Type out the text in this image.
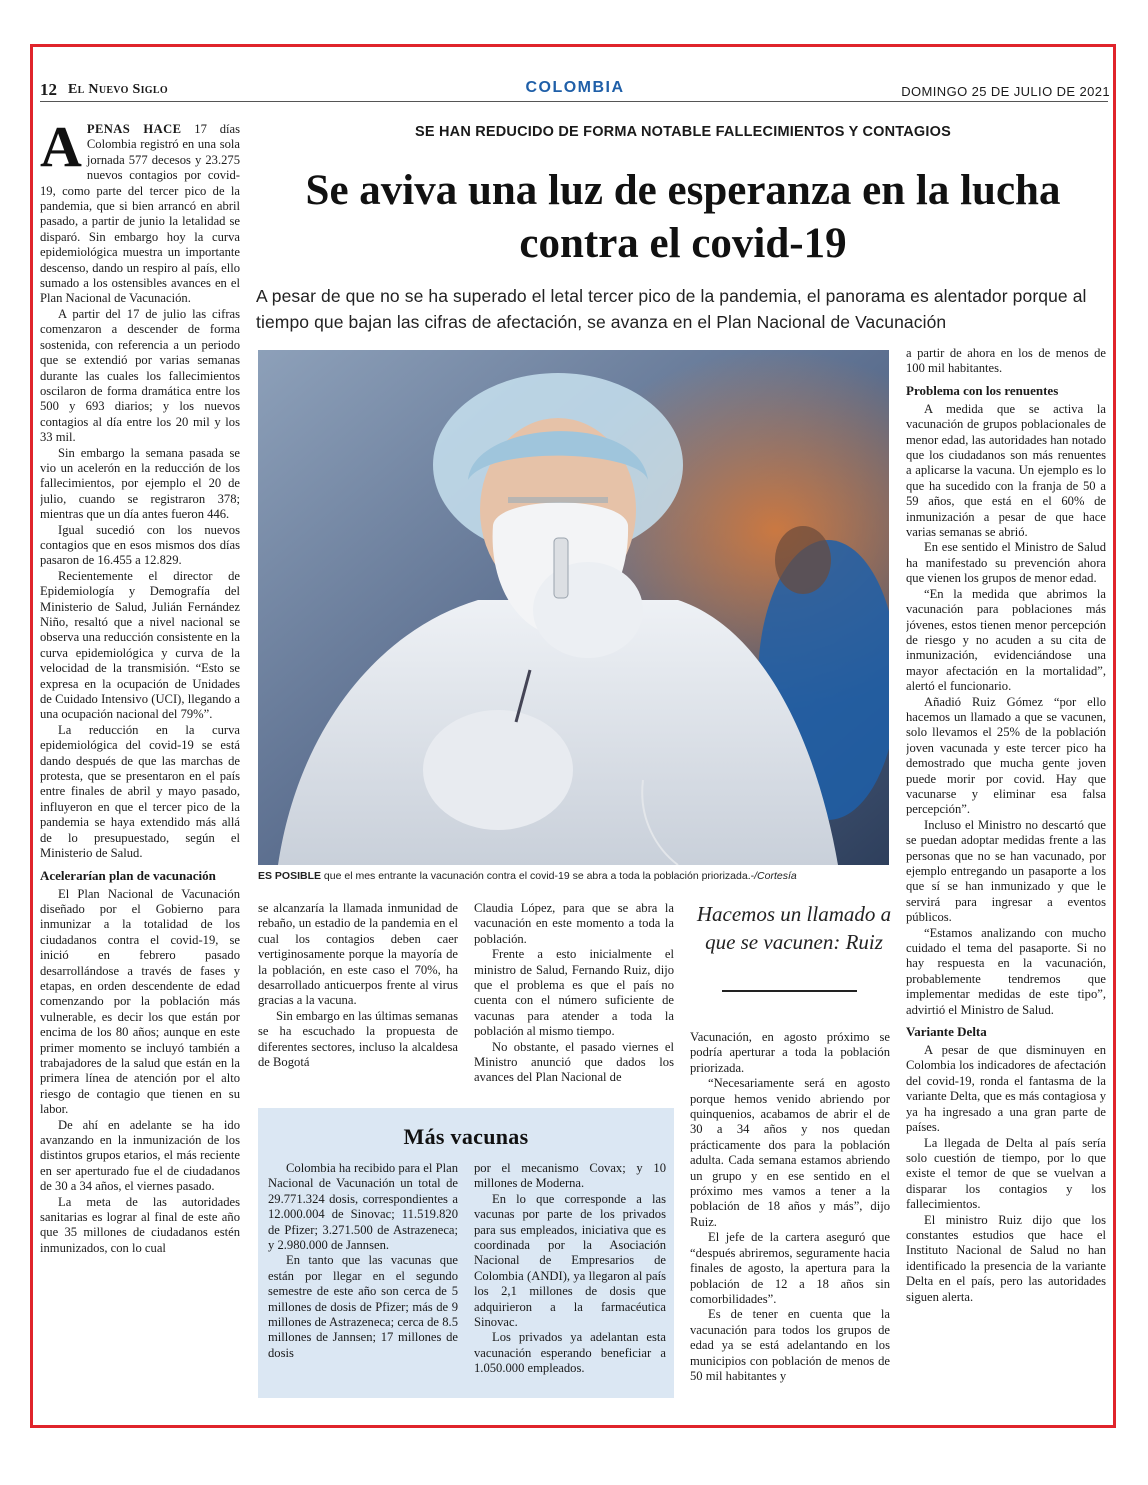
12 El Nuevo Siglo	COLOMBIA	DOMINGO 25 DE JULIO DE 2021
SE HAN REDUCIDO DE FORMA NOTABLE FALLECIMIENTOS Y CONTAGIOS
Se aviva una luz de esperanza en la lucha contra el covid-19
A pesar de que no se ha superado el letal tercer pico de la pandemia, el panorama es alentador porque al tiempo que bajan las cifras de afectación, se avanza en el Plan Nacional de Vacunación

APENAS HACE 17 días Colombia registró en una sola jornada 577 decesos y 23.275 nuevos contagios por covid-19, como parte del tercer pico de la pandemia, que si bien arrancó en abril pasado, a partir de junio la letalidad se disparó. Sin embargo hoy la curva epidemiológica muestra un importante descenso, dando un respiro al país, ello sumado a los ostensibles avances en el Plan Nacional de Vacunación.

A partir del 17 de julio las cifras comenzaron a descender de forma sostenida, con referencia a un periodo que se extendió por varias semanas durante las cuales los fallecimientos oscilaron de forma dramática entre los 500 y 693 diarios; y los nuevos contagios al día entre los 20 mil y los 33 mil.

Sin embargo la semana pasada se vio un acelerón en la reducción de los fallecimientos, por ejemplo el 20 de julio, cuando se registraron 378; mientras que un día antes fueron 446.

Igual sucedió con los nuevos contagios que en esos mismos dos días pasaron de 16.455 a 12.829.

Recientemente el director de Epidemiología y Demografía del Ministerio de Salud, Julián Fernández Niño, resaltó que a nivel nacional se observa una reducción consistente en la curva epidemiológica y curva de la velocidad de la transmisión. “Esto se expresa en la ocupación de Unidades de Cuidado Intensivo (UCI), llegando a una ocupación nacional del 79%”.

La reducción en la curva epidemiológica del covid-19 se está dando después de que las marchas de protesta, que se presentaron en el país entre finales de abril y mayo pasado, influyeron en que el tercer pico de la pandemia se haya extendido más allá de lo presupuestado, según el Ministerio de Salud.

Acelerarían plan de vacunación

El Plan Nacional de Vacunación diseñado por el Gobierno para inmunizar a la totalidad de los ciudadanos contra el covid-19, se inició en febrero pasado desarrollándose a través de fases y etapas, en orden descendente de edad comenzando por la población más vulnerable, es decir los que están por encima de los 80 años; aunque en este primer momento se incluyó también a trabajadores de la salud que están en la primera línea de atención por el alto riesgo de contagio que tienen en su labor.

De ahí en adelante se ha ido avanzando en la inmunización de los distintos grupos etarios, el más reciente en ser aperturado fue el de ciudadanos de 30 a 34 años, el viernes pasado.

La meta de las autoridades sanitarias es lograr al final de este año que 35 millones de ciudadanos estén inmunizados, con lo cual

ES POSIBLE que el mes entrante la vacunación contra el covid-19 se abra a toda la población priorizada.-/Cortesía

se alcanzaría la llamada inmunidad de rebaño, un estadio de la pandemia en el cual los contagios deben caer vertiginosamente porque la mayoría de la población, en este caso el 70%, ha desarrollado anticuerpos frente al virus gracias a la vacuna.

Sin embargo en las últimas semanas se ha escuchado la propuesta de diferentes sectores, incluso la alcaldesa de Bogotá

Claudia López, para que se abra la vacunación en este momento a toda la población.

Frente a esto inicialmente el ministro de Salud, Fernando Ruiz, dijo que el problema es que el país no cuenta con el número suficiente de vacunas para atender a toda la población al mismo tiempo.

No obstante, el pasado viernes el Ministro anunció que dados los avances del Plan Nacional de

Hacemos un llamado a que se vacunen: Ruiz

Vacunación, en agosto próximo se podría aperturar a toda la población priorizada.

“Necesariamente será en agosto porque hemos venido abriendo por quinquenios, acabamos de abrir el de 30 a 34 años y nos quedan prácticamente dos para la población adulta. Cada semana estamos abriendo un grupo y en ese sentido en el próximo mes vamos a tener a la población de 18 años y más”, dijo Ruiz.

El jefe de la cartera aseguró que “después abriremos, seguramente hacia finales de agosto, la apertura para la población de 12 a 18 años sin comorbilidades”.

Es de tener en cuenta que la vacunación para todos los grupos de edad ya se está adelantando en los municipios con población de menos de 50 mil habitantes y

a partir de ahora en los de menos de 100 mil habitantes.

Problema con los renuentes

A medida que se activa la vacunación de grupos poblacionales de menor edad, las autoridades han notado que los ciudadanos son más renuentes a aplicarse la vacuna. Un ejemplo es lo que ha sucedido con la franja de 50 a 59 años, que está en el 60% de inmunización a pesar de que hace varias semanas se abrió.

En ese sentido el Ministro de Salud ha manifestado su prevención ahora que vienen los grupos de menor edad.

“En la medida que abrimos la vacunación para poblaciones más jóvenes, estos tienen menor percepción de riesgo y no acuden a su cita de inmunización, evidenciándose una mayor afectación en la mortalidad”, alertó el funcionario.

Añadió Ruiz Gómez “por ello hacemos un llamado a que se vacunen, solo llevamos el 25% de la población joven vacunada y este tercer pico ha demostrado que mucha gente joven puede morir por covid. Hay que vacunarse y eliminar esa falsa percepción”.

Incluso el Ministro no descartó que se puedan adoptar medidas frente a las personas que no se han vacunado, por ejemplo entregando un pasaporte a los que sí se han inmunizado y que le servirá para ingresar a eventos públicos.

“Estamos analizando con mucho cuidado el tema del pasaporte. Si no hay respuesta en la vacunación, probablemente tendremos que implementar medidas de este tipo”, advirtió el Ministro de Salud.

Variante Delta

A pesar de que disminuyen en Colombia los indicadores de afectación del covid-19, ronda el fantasma de la variante Delta, que es más contagiosa y ya ha ingresado a una gran parte de países.

La llegada de Delta al país sería solo cuestión de tiempo, por lo que existe el temor de que se vuelvan a disparar los contagios y los fallecimientos.

El ministro Ruiz dijo que los constantes estudios que hace el Instituto Nacional de Salud no han identificado la presencia de la variante Delta en el país, pero las autoridades siguen alerta.

Más vacunas

Colombia ha recibido para el Plan Nacional de Vacunación un total de 29.771.324 dosis, correspondientes a 12.000.004 de Sinovac; 11.519.820 de Pfizer; 3.271.500 de Astrazeneca; y 2.980.000 de Jannsen.

En tanto que las vacunas que están por llegar en el segundo semestre de este año son cerca de 5 millones de dosis de Pfizer; más de 9 millones de Astrazeneca; cerca de 8.5 millones de Jannsen; 17 millones de dosis

por el mecanismo Covax; y 10 millones de Moderna.

En lo que corresponde a las vacunas por parte de los privados para sus empleados, iniciativa que es coordinada por la Asociación Nacional de Empresarios de Colombia (ANDI), ya llegaron al país los 2,1 millones de dosis que adquirieron a la farmacéutica Sinovac.

Los privados ya adelantan esta vacunación esperando beneficiar a 1.050.000 empleados.
